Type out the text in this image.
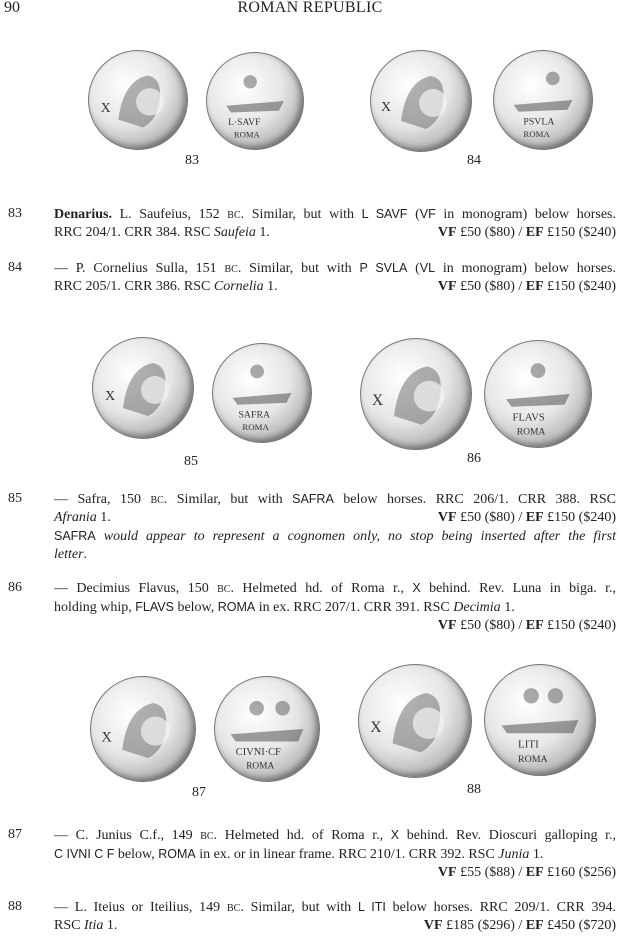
90	ROMAN REPUBLIC
X
L·SAVF
ROMA
83
X
PSVLA
ROMA
84
83 Denarius. L. Saufeius, 152 bc. Similar, but with L SAVF (VF in monogram) below horses.
RRC 204/1. CRR 384. RSC Saufeia 1.	VF £50 ($80) / EF £150 ($240)
84 — P. Cornelius Sulla, 151 bc. Similar, but with P SVLA (VL in monogram) below horses.
RRC 205/1. CRR 386. RSC Cornelia 1.	VF £50 ($80) / EF £150 ($240)
X
SAFRA
ROMA
85
X
FLAVS
ROMA
86
85 — Safra, 150 bc. Similar, but with SAFRA below horses. RRC 206/1. CRR 388. RSC
Afrania 1.	VF £50 ($80) / EF £150 ($240)
SAFRA would appear to represent a cognomen only, no stop being inserted after the first
letter.
86 — Decimius Flavus, 150 bc. Helmeted hd. of Roma r., X behind. Rev. Luna in biga. r.,
holding whip, FLAVS below, ROMA in ex. RRC 207/1. CRR 391. RSC Decimia 1.
VF £50 ($80) / EF £150 ($240)
X
CIVNI·CF
ROMA
87
X
LITI
ROMA
88
87 — C. Junius C.f., 149 bc. Helmeted hd. of Roma r., X behind. Rev. Dioscuri galloping r.,
C IVNI C F below, ROMA in ex. or in linear frame. RRC 210/1. CRR 392. RSC Junia 1.
VF £55 ($88) / EF £160 ($256)
88 — L. Iteius or Iteilius, 149 bc. Similar, but with L ITI below horses. RRC 209/1. CRR 394.
RSC Itia 1.	VF £185 ($296) / EF £450 ($720)
